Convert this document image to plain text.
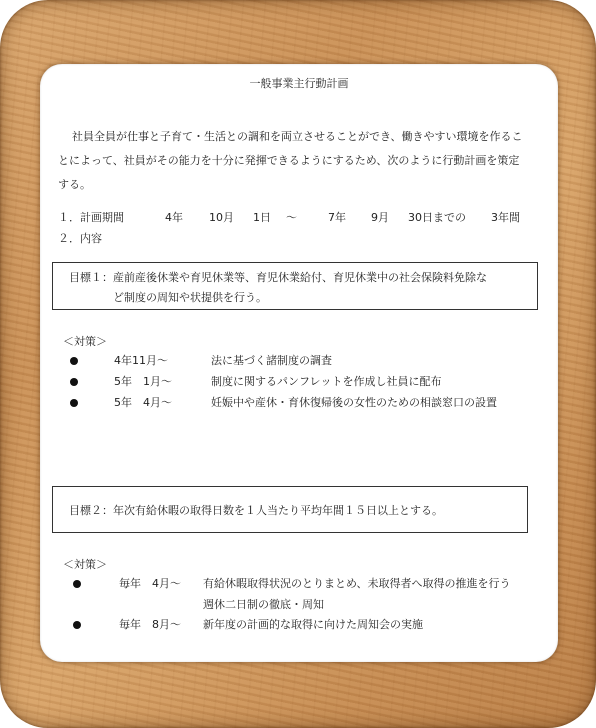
一般事業主行動計画
社員全員が仕事と子育て・生活との調和を両立させることができ、働きやすい環境を作るこ
とによって、社員がその能力を十分に発揮できるようにするため、次のように行動計画を策定
する。
１．計画期間	4年 10月 1日 ～	7年 9月 30日までの 3年間
２．内容
目標１：産前産後休業や育児休業等、育児休業給付、育児休業中の社会保険料免除な
ど制度の周知や状提供を行う。
＜対策＞
4年11月～	法に基づく諸制度の調査
5年　1月～	制度に関するパンフレットを作成し社員に配布
5年　4月～	妊娠中や産休・育休復帰後の女性のための相談窓口の設置
目標２：年次有給休暇の取得日数を１人当たり平均年間１５日以上とする。
＜対策＞
毎年　4月～ 有給休暇取得状況のとりまとめ、未取得者へ取得の推進を行う
週休二日制の徹底・周知
毎年　8月～ 新年度の計画的な取得に向けた周知会の実施
